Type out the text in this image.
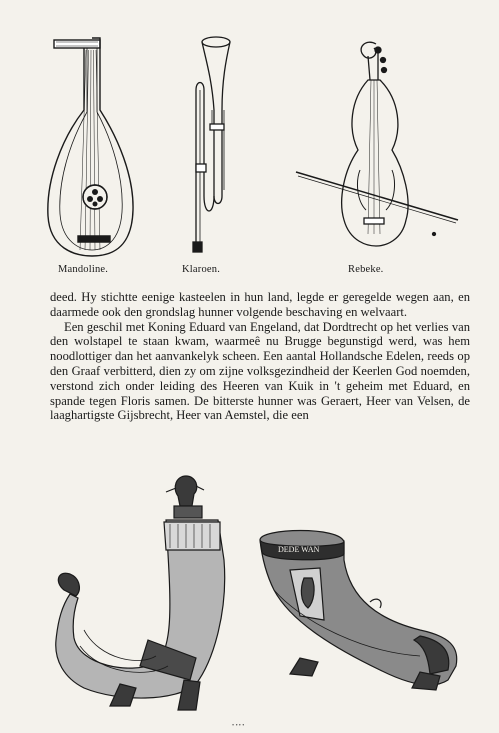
Mandoline.	Klaroen.	Rebeke.

deed. Hy stichtte eenige kasteelen in hun land, legde er geregelde wegen aan, en daarmede ook den grondslag hunner volgende beschaving en welvaart.

Een geschil met Koning Eduard van Engeland, dat Dordtrecht op het verlies van den wolstapel te staan kwam, waarmeê nu Brugge begunstigd werd, was hem noodlottiger dan het aanvankelyk scheen. Een aantal Hollandsche Edelen, reeds op den Graaf verbitterd, dien zy om zijne volksgezindheid der Keerlen God noemden, verstond zich onder leiding des Heeren van Kuik in 't geheim met Eduard, en spande tegen Floris samen. De bitterste hunner was Geraert, Heer van Velsen, de laaghartigste Gijsbrecht, Heer van Aemstel, die een

DEDE WAN
• • • •
